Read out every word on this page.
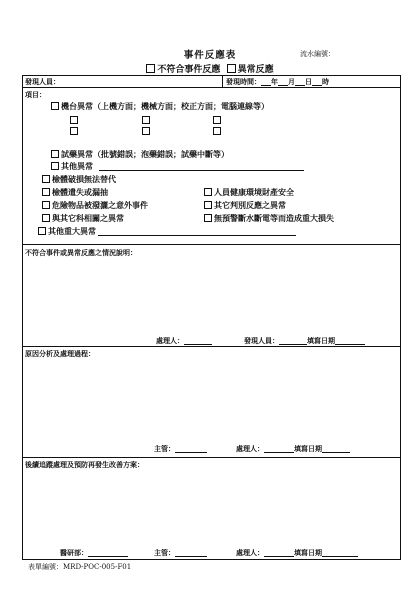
事件反應表	流水編號：
不符合事件反應 異常反應
發現人員：	發現時間： 年 月 日 時
項目：
機台異常（上機方面；機械方面；校正方面；電腦連線等）
試藥異常（批號錯誤；泡藥錯誤；試藥中斷等）
其他異常
檢體破損無法替代
檢體遺失或漏抽	人員健康環境財產安全
危險物品被潑灑之意外事件	其它判別反應之異常
與其它科相關之異常	無預警斷水斷電等而造成重大損失
其他重大異常
不符合事件或異常反應之情況說明：
處理人：	發現人員：	填寫日期
原因分析及處理過程：
主管：	處理人：	填寫日期
後續追蹤處理及預防再發生改善方案：
醫研部：	主管：	處理人：	填寫日期
表單編號：MRD-POC-005-F01
